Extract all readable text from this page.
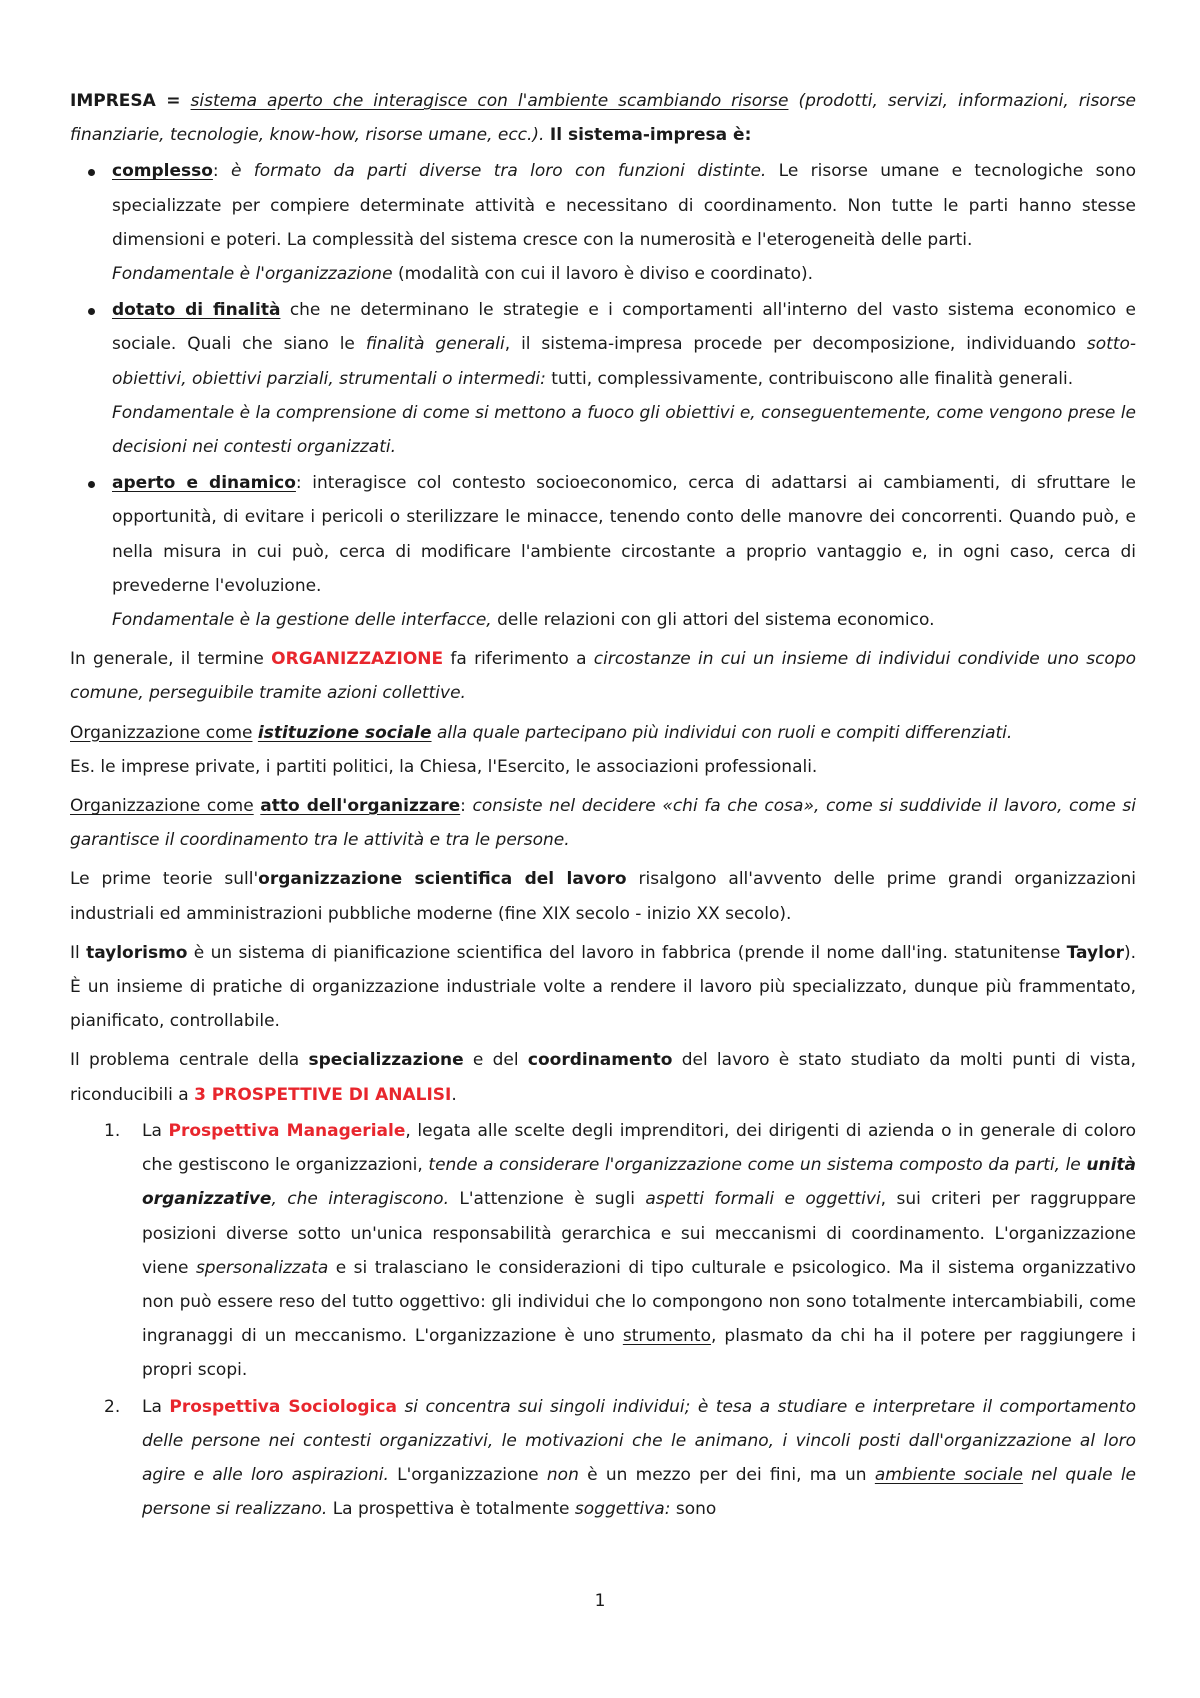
IMPRESA = sistema aperto che interagisce con l'ambiente scambiando risorse (prodotti, servizi, informazioni, risorse finanziarie, tecnologie, know-how, risorse umane, ecc.). Il sistema-impresa è:

complesso: è formato da parti diverse tra loro con funzioni distinte. Le risorse umane e tecnologiche sono specializzate per compiere determinate attività e necessitano di coordinamento. Non tutte le parti hanno stesse dimensioni e poteri. La complessità del sistema cresce con la numerosità e l'eterogeneità delle parti.
Fondamentale è l'organizzazione (modalità con cui il lavoro è diviso e coordinato).
dotato di finalità che ne determinano le strategie e i comportamenti all'interno del vasto sistema economico e sociale. Quali che siano le finalità generali, il sistema-impresa procede per decomposizione, individuando sotto-obiettivi, obiettivi parziali, strumentali o intermedi: tutti, complessivamente, contribuiscono alle finalità generali.
Fondamentale è la comprensione di come si mettono a fuoco gli obiettivi e, conseguentemente, come vengono prese le decisioni nei contesti organizzati.
aperto e dinamico: interagisce col contesto socioeconomico, cerca di adattarsi ai cambiamenti, di sfruttare le opportunità, di evitare i pericoli o sterilizzare le minacce, tenendo conto delle manovre dei concorrenti. Quando può, e nella misura in cui può, cerca di modificare l'ambiente circostante a proprio vantaggio e, in ogni caso, cerca di prevederne l'evoluzione.
Fondamentale è la gestione delle interfacce, delle relazioni con gli attori del sistema economico.

In generale, il termine ORGANIZZAZIONE fa riferimento a circostanze in cui un insieme di individui condivide uno scopo comune, perseguibile tramite azioni collettive.

Organizzazione come istituzione sociale alla quale partecipano più individui con ruoli e compiti differenziati.
Es. le imprese private, i partiti politici, la Chiesa, l'Esercito, le associazioni professionali.

Organizzazione come atto dell'organizzare: consiste nel decidere «chi fa che cosa», come si suddivide il lavoro, come si garantisce il coordinamento tra le attività e tra le persone.

Le prime teorie sull'organizzazione scientifica del lavoro risalgono all'avvento delle prime grandi organizzazioni industriali ed amministrazioni pubbliche moderne (fine XIX secolo - inizio XX secolo).

Il taylorismo è un sistema di pianificazione scientifica del lavoro in fabbrica (prende il nome dall'ing. statunitense Taylor). È un insieme di pratiche di organizzazione industriale volte a rendere il lavoro più specializzato, dunque più frammentato, pianificato, controllabile.

Il problema centrale della specializzazione e del coordinamento del lavoro è stato studiato da molti punti di vista, riconducibili a 3 PROSPETTIVE DI ANALISI.

1. La Prospettiva Manageriale, legata alle scelte degli imprenditori, dei dirigenti di azienda o in generale di coloro che gestiscono le organizzazioni, tende a considerare l'organizzazione come un sistema composto da parti, le unità organizzative, che interagiscono. L'attenzione è sugli aspetti formali e oggettivi, sui criteri per raggruppare posizioni diverse sotto un'unica responsabilità gerarchica e sui meccanismi di coordinamento. L'organizzazione viene spersonalizzata e si tralasciano le considerazioni di tipo culturale e psicologico. Ma il sistema organizzativo non può essere reso del tutto oggettivo: gli individui che lo compongono non sono totalmente intercambiabili, come ingranaggi di un meccanismo. L'organizzazione è uno strumento, plasmato da chi ha il potere per raggiungere i propri scopi.
2. La Prospettiva Sociologica si concentra sui singoli individui; è tesa a studiare e interpretare il comportamento delle persone nei contesti organizzativi, le motivazioni che le animano, i vincoli posti dall'organizzazione al loro agire e alle loro aspirazioni. L'organizzazione non è un mezzo per dei fini, ma un ambiente sociale nel quale le persone si realizzano. La prospettiva è totalmente soggettiva: sono
1
